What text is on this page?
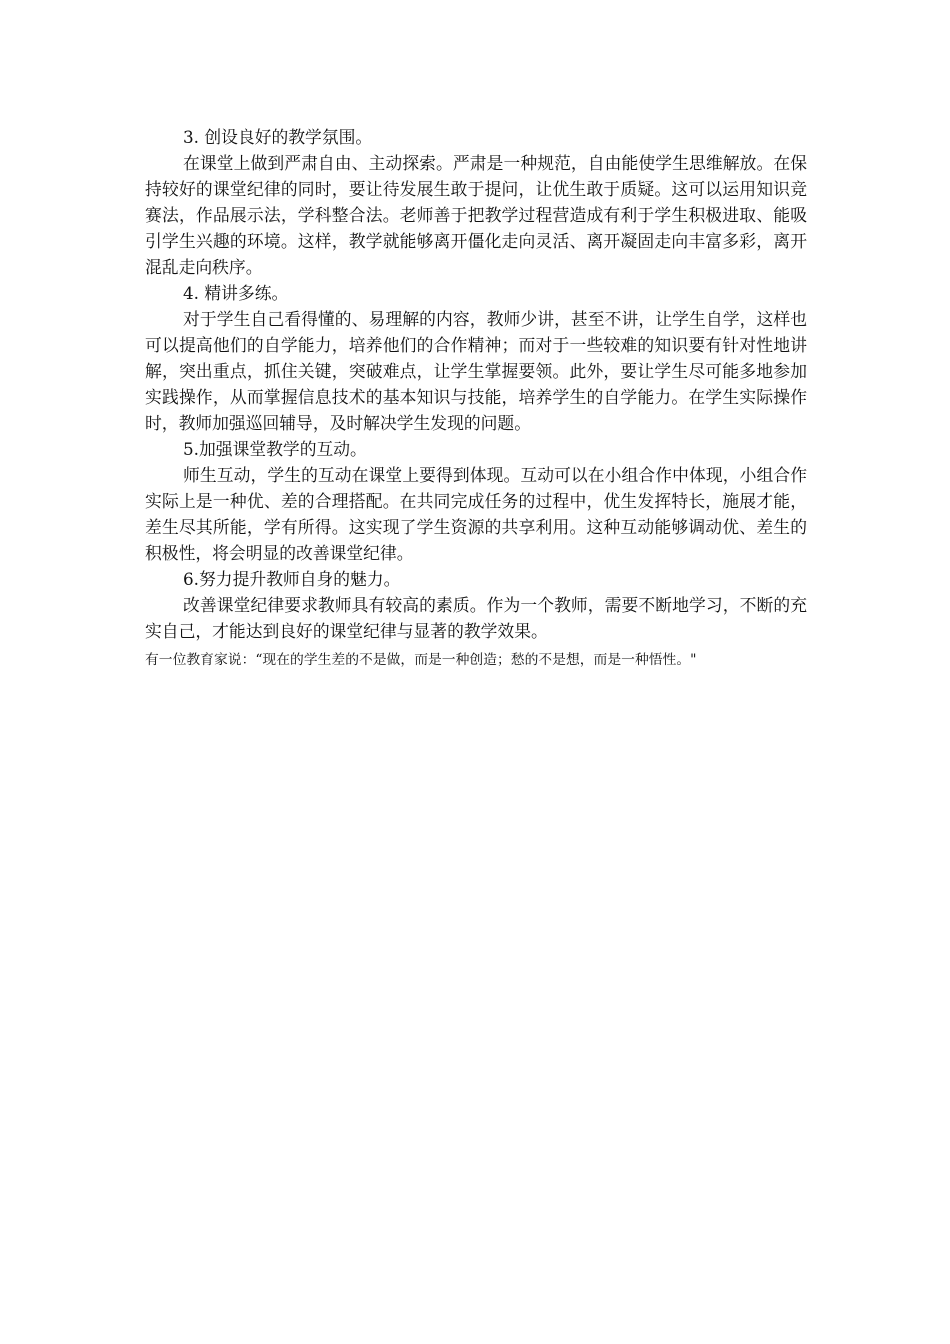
3. 创设良好的教学氛围。

在课堂上做到严肃自由、主动探索。严肃是一种规范，自由能使学生思维解放。在保持较好的课堂纪律的同时，要让待发展生敢于提问，让优生敢于质疑。这可以运用知识竞赛法，作品展示法，学科整合法。老师善于把教学过程营造成有利于学生积极进取、能吸引学生兴趣的环境。这样，教学就能够离开僵化走向灵活、离开凝固走向丰富多彩，离开混乱走向秩序。

4. 精讲多练。

对于学生自己看得懂的、易理解的内容，教师少讲，甚至不讲，让学生自学，这样也可以提高他们的自学能力，培养他们的合作精神；而对于一些较难的知识要有针对性地讲解，突出重点，抓住关键，突破难点，让学生掌握要领。此外，要让学生尽可能多地参加实践操作，从而掌握信息技术的基本知识与技能，培养学生的自学能力。在学生实际操作时，教师加强巡回辅导，及时解决学生发现的问题。

5.加强课堂教学的互动。

师生互动，学生的互动在课堂上要得到体现。互动可以在小组合作中体现，小组合作实际上是一种优、差的合理搭配。在共同完成任务的过程中，优生发挥特长，施展才能，差生尽其所能，学有所得。这实现了学生资源的共享利用。这种互动能够调动优、差生的积极性，将会明显的改善课堂纪律。

6.努力提升教师自身的魅力。

改善课堂纪律要求教师具有较高的素质。作为一个教师，需要不断地学习，不断的充实自己，才能达到良好的课堂纪律与显著的教学效果。

有一位教育家说：“现在的学生差的不是做，而是一种创造；愁的不是想，而是一种悟性。"
